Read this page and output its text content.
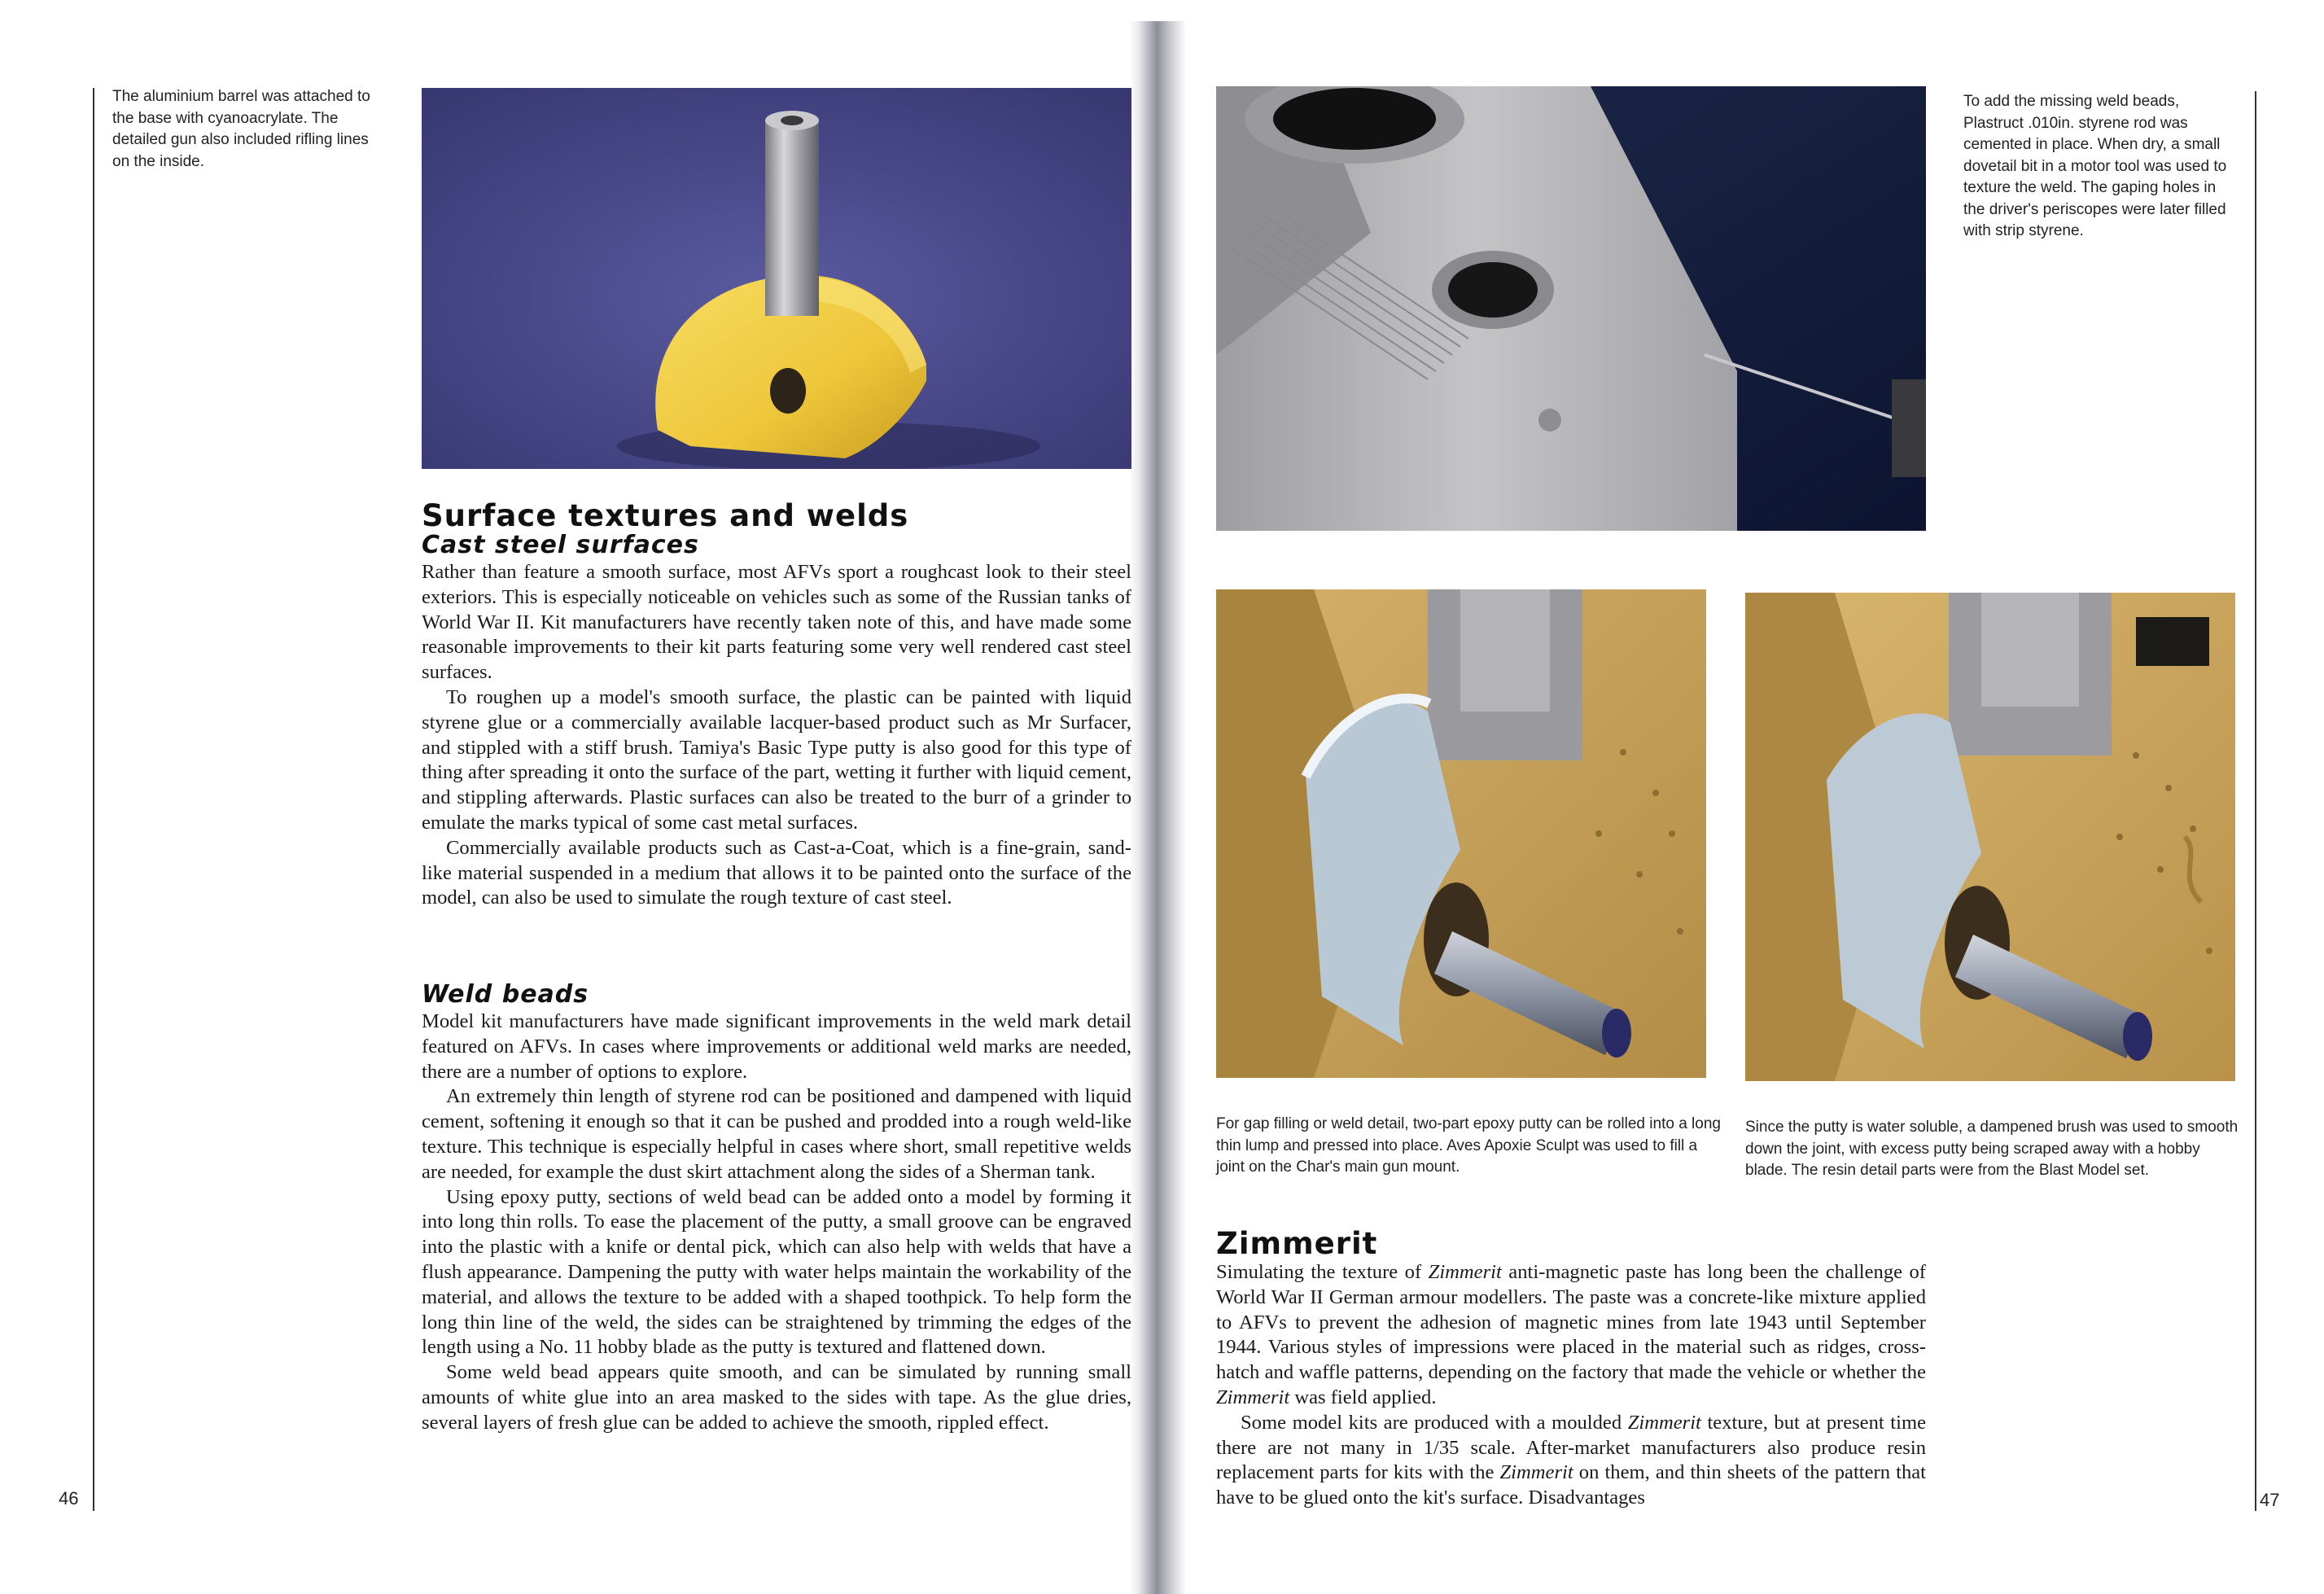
The aluminium barrel was attached to the base with cyanoacrylate. The detailed gun also included rifling lines on the inside.
46
Surface textures and welds
Cast steel surfaces

Rather than feature a smooth surface, most AFVs sport a roughcast look to their steel exteriors. This is especially noticeable on vehicles such as some of the Russian tanks of World War II. Kit manufacturers have recently taken note of this, and have made some reasonable improvements to their kit parts featuring some very well rendered cast steel surfaces.

To roughen up a model's smooth surface, the plastic can be painted with liquid styrene glue or a commercially available lacquer-based product such as Mr Surfacer, and stippled with a stiff brush. Tamiya's Basic Type putty is also good for this type of thing after spreading it onto the surface of the part, wetting it further with liquid cement, and stippling afterwards. Plastic surfaces can also be treated to the burr of a grinder to emulate the marks typical of some cast metal surfaces.

Commercially available products such as Cast-a-Coat, which is a fine-grain, sand-like material suspended in a medium that allows it to be painted onto the surface of the model, can also be used to simulate the rough texture of cast steel.

Weld beads

Model kit manufacturers have made significant improvements in the weld mark detail featured on AFVs. In cases where improvements or additional weld marks are needed, there are a number of options to explore.

An extremely thin length of styrene rod can be positioned and dampened with liquid cement, softening it enough so that it can be pushed and prodded into a rough weld-like texture. This technique is especially helpful in cases where short, small repetitive welds are needed, for example the dust skirt attachment along the sides of a Sherman tank.

Using epoxy putty, sections of weld bead can be added onto a model by forming it into long thin rolls. To ease the placement of the putty, a small groove can be engraved into the plastic with a knife or dental pick, which can also help with welds that have a flush appearance. Dampening the putty with water helps maintain the workability of the material, and allows the texture to be added with a shaped toothpick. To help form the long thin line of the weld, the sides can be straightened by trimming the edges of the length using a No. 11 hobby blade as the putty is textured and flattened down.

Some weld bead appears quite smooth, and can be simulated by running small amounts of white glue into an area masked to the sides with tape. As the glue dries, several layers of fresh glue can be added to achieve the smooth, rippled effect.

To add the missing weld beads, Plastruct .010in. styrene rod was cemented in place. When dry, a small dovetail bit in a motor tool was used to texture the weld. The gaping holes in the driver's periscopes were later filled with strip styrene.
For gap filling or weld detail, two-part epoxy putty can be rolled into a long thin lump and pressed into place. Aves Apoxie Sculpt was used to fill a joint on the Char's main gun mount.
Since the putty is water soluble, a dampened brush was used to smooth down the joint, with excess putty being scraped away with a hobby blade. The resin detail parts were from the Blast Model set.
Zimmerit

Simulating the texture of Zimmerit anti-magnetic paste has long been the challenge of World War II German armour modellers. The paste was a concrete-like mixture applied to AFVs to prevent the adhesion of magnetic mines from late 1943 until September 1944. Various styles of impressions were placed in the material such as ridges, cross-hatch and waffle patterns, depending on the factory that made the vehicle or whether the Zimmerit was field applied.

Some model kits are produced with a moulded Zimmerit texture, but at present time there are not many in 1/35 scale. After-market manufacturers also produce resin replacement parts for kits with the Zimmerit on them, and thin sheets of the pattern that have to be glued onto the kit's surface. Disadvantages	47
